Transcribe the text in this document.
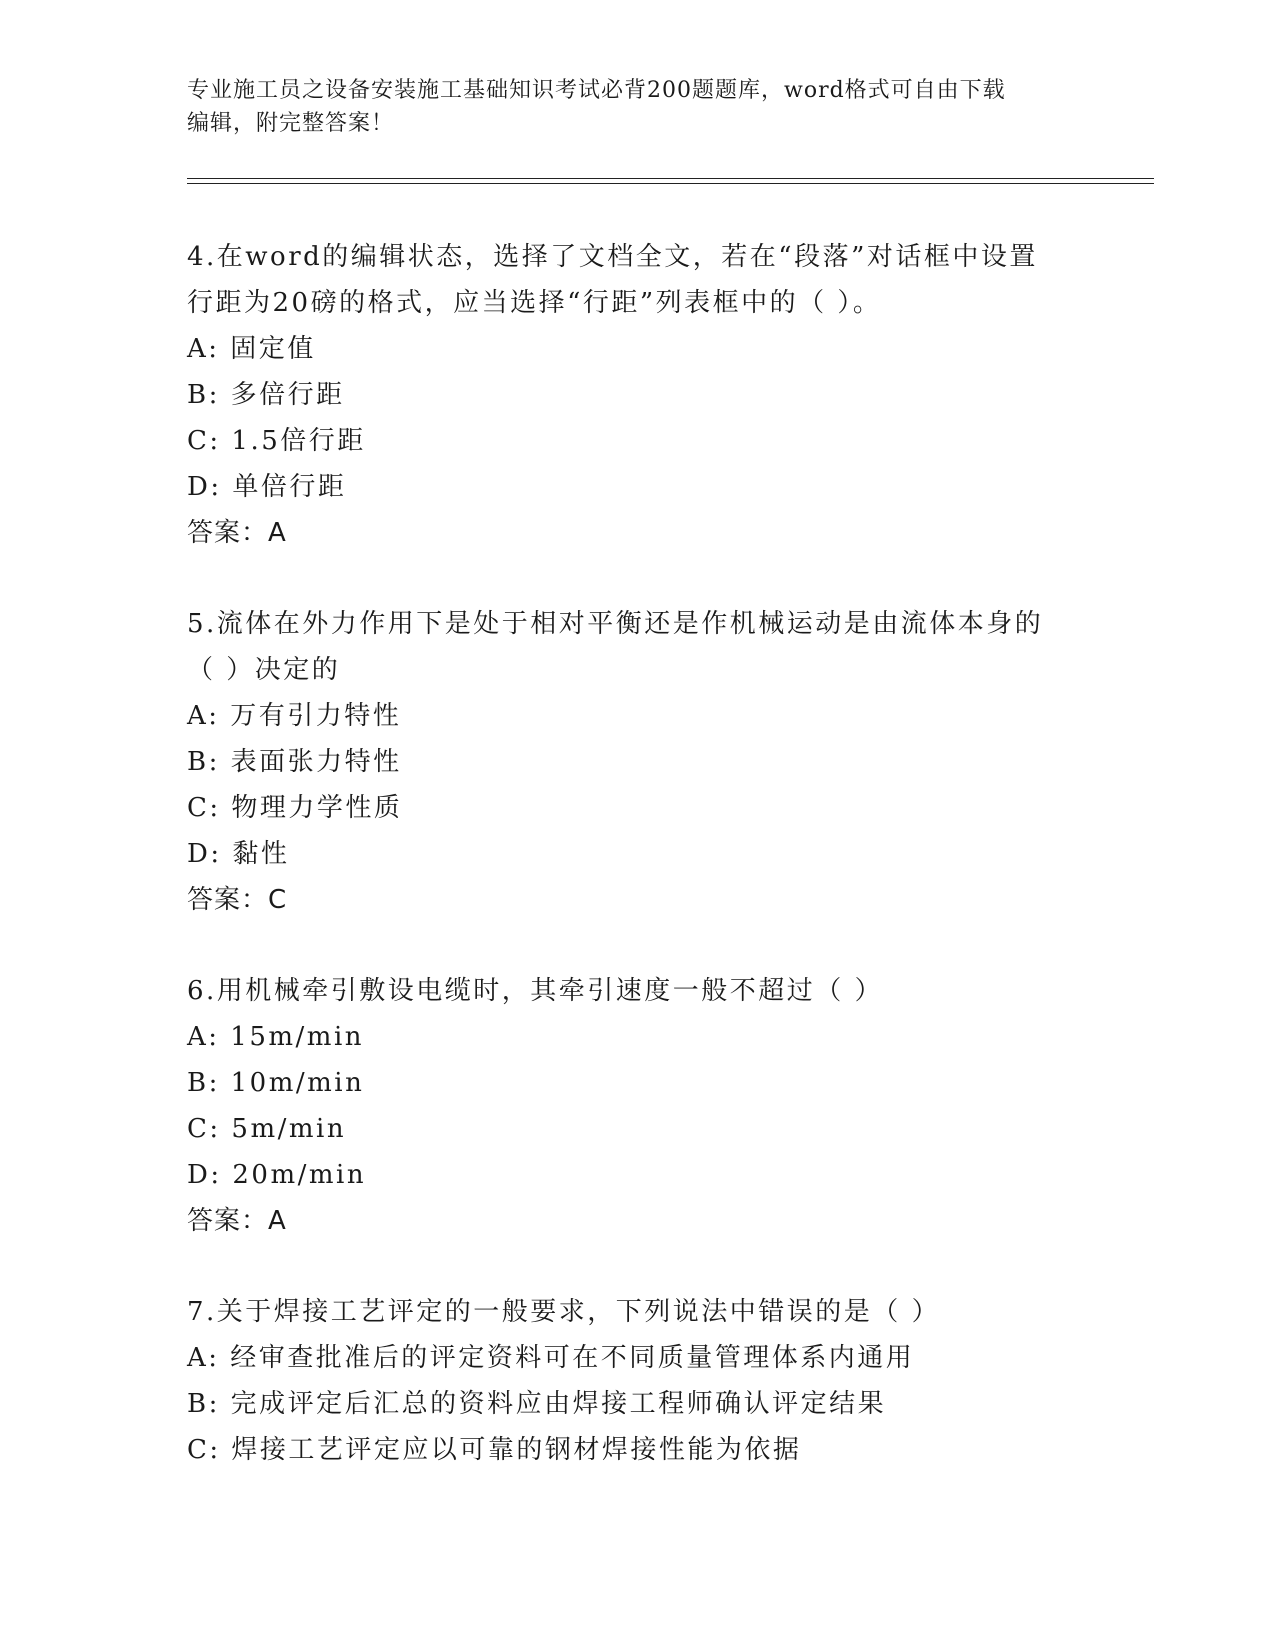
专业施工员之设备安装施工基础知识考试必背200题题库，word格式可自由下载
编辑，附完整答案！
4.在word的编辑状态，选择了文档全文，若在“段落”对话框中设置
行距为20磅的格式，应当选择“行距”列表框中的（ ）。
A: 固定值
B: 多倍行距
C: 1.5倍行距
D: 单倍行距
答案：A
5.流体在外力作用下是处于相对平衡还是作机械运动是由流体本身的
（ ）决定的
A: 万有引力特性
B: 表面张力特性
C: 物理力学性质
D: 黏性
答案：C
6.用机械牵引敷设电缆时，其牵引速度一般不超过（ ）
A: 15m/min
B: 10m/min
C: 5m/min
D: 20m/min
答案：A
7.关于焊接工艺评定的一般要求，下列说法中错误的是（ ）
A: 经审查批准后的评定资料可在不同质量管理体系内通用
B: 完成评定后汇总的资料应由焊接工程师确认评定结果
C: 焊接工艺评定应以可靠的钢材焊接性能为依据
